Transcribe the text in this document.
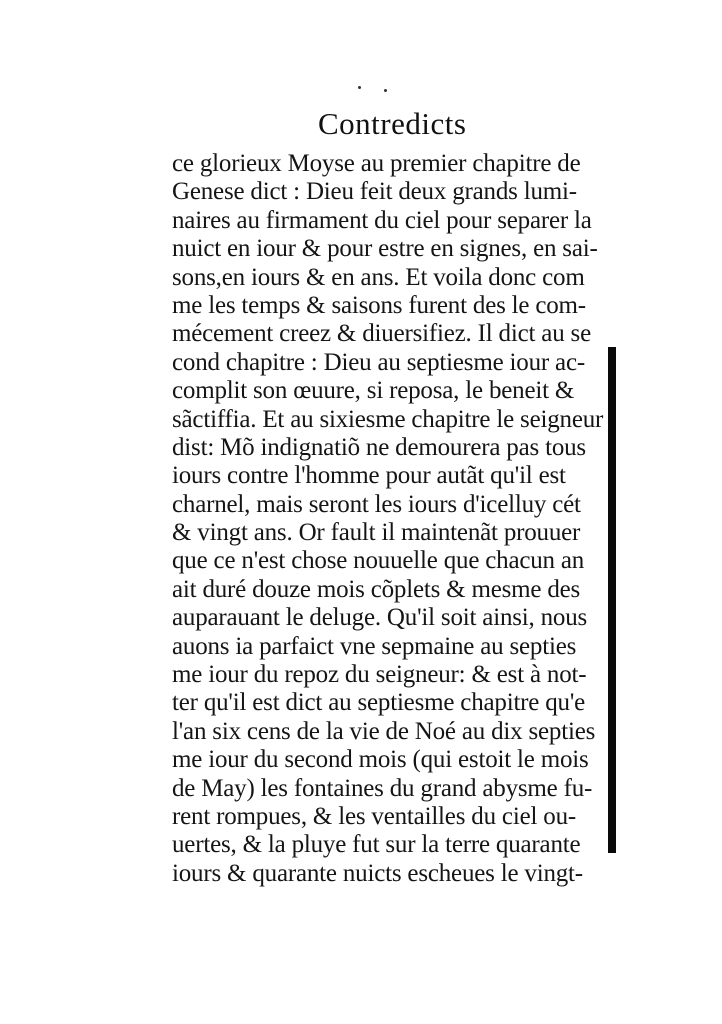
Contredicts
ce glorieux Moyse au premier chapitre de
Genese dict : Dieu feit deux grands lumi-
naires au firmament du ciel pour separer la
nuict en iour & pour estre en signes, en sai-
sons,en iours & en ans. Et voila donc com
me les temps & saisons furent des le com-
mécement creez & diuersifiez. Il dict au se
cond chapitre : Dieu au septiesme iour ac-
complit son œuure, si reposa, le beneit &
sãctiffia. Et au sixiesme chapitre le seigneur
dist: Mõ indignatiõ ne demourera pas tous
iours contre l'homme pour autãt qu'il est
charnel, mais seront les iours d'icelluy cét
& vingt ans. Or fault il maintenãt prouuer
que ce n'est chose nouuelle que chacun an
ait duré douze mois cõplets & mesme des
auparauant le deluge. Qu'il soit ainsi, nous
auons ia parfaict vne sepmaine au septies
me iour du repoz du seigneur: & est à not-
ter qu'il est dict au septiesme chapitre qu'e
l'an six cens de la vie de Noé au dix septies
me iour du second mois (qui estoit le mois
de May) les fontaines du grand abysme fu-
rent rompues, & les ventailles du ciel ou-
uertes, & la pluye fut sur la terre quarante
iours & quarante nuicts escheues le vingt-
